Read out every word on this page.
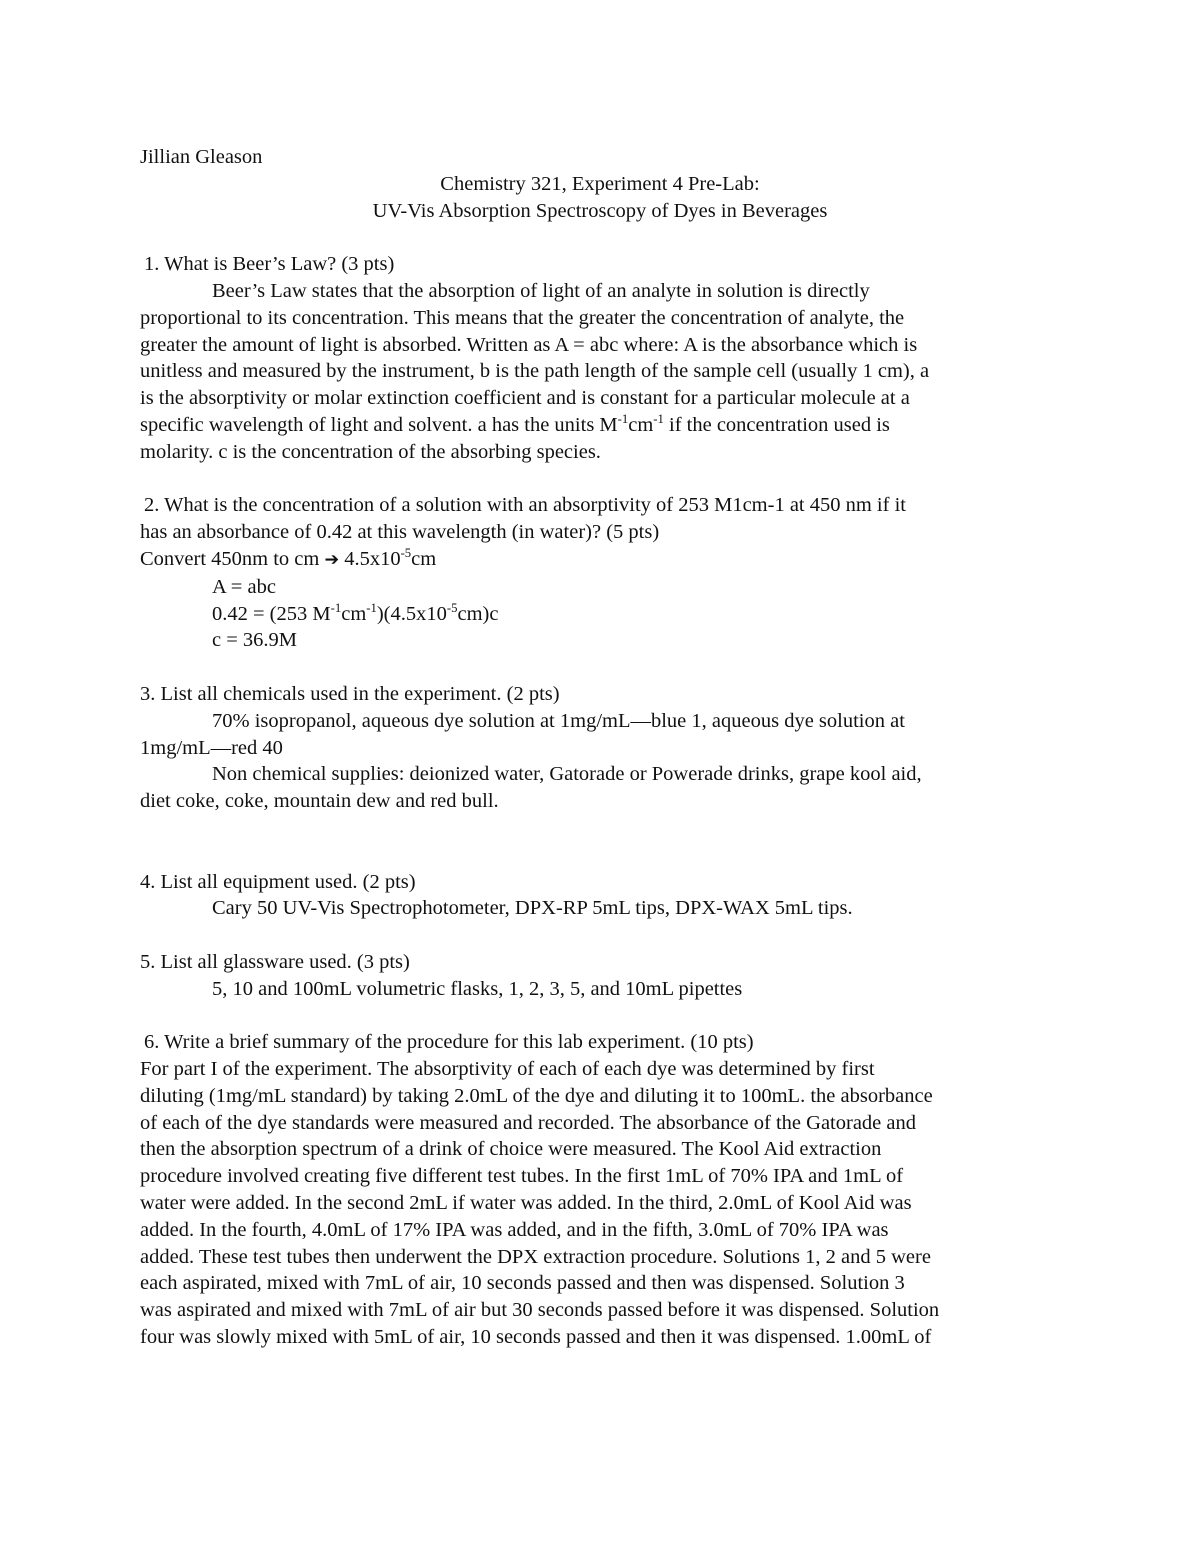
Jillian Gleason
Chemistry 321, Experiment 4 Pre-Lab:
UV-Vis Absorption Spectroscopy of Dyes in Beverages
1. What is Beer’s Law? (3 pts)
Beer’s Law states that the absorption of light of an analyte in solution is directly
proportional to its concentration. This means that the greater the concentration of analyte, the
greater the amount of light is absorbed. Written as A = abc where: A is the absorbance which is
unitless and measured by the instrument, b is the path length of the sample cell (usually 1 cm), a
is the absorptivity or molar extinction coefficient and is constant for a particular molecule at a
specific wavelength of light and solvent. a has the units $M^{-1}cm^{-1}$ if the concentration used is
molarity. c is the concentration of the absorbing species.
2. What is the concentration of a solution with an absorptivity of 253 M1cm-1 at 450 nm if it
has an absorbance of 0.42 at this wavelength (in water)? (5 pts)
Convert 450nm to cm ➔ $4.5x10^{-5}cm$
A = abc
0.42 = (253 $M^{-1}cm^{-1})(4.5x10^{-5}cm)c$
c = 36.9M
3. List all chemicals used in the experiment. (2 pts)
70% isopropanol, aqueous dye solution at 1mg/mL—blue 1, aqueous dye solution at
1mg/mL—red 40
Non chemical supplies: deionized water, Gatorade or Powerade drinks, grape kool aid,
diet coke, coke, mountain dew and red bull.
4. List all equipment used. (2 pts)
Cary 50 UV-Vis Spectrophotometer, DPX-RP 5mL tips, DPX-WAX 5mL tips.
5. List all glassware used. (3 pts)
5, 10 and 100mL volumetric flasks, 1, 2, 3, 5, and 10mL pipettes
6. Write a brief summary of the procedure for this lab experiment. (10 pts)
For part I of the experiment. The absorptivity of each of each dye was determined by first
diluting (1mg/mL standard) by taking 2.0mL of the dye and diluting it to 100mL. the absorbance
of each of the dye standards were measured and recorded. The absorbance of the Gatorade and
then the absorption spectrum of a drink of choice were measured. The Kool Aid extraction
procedure involved creating five different test tubes. In the first 1mL of 70% IPA and 1mL of
water were added. In the second 2mL if water was added. In the third, 2.0mL of Kool Aid was
added. In the fourth, 4.0mL of 17% IPA was added, and in the fifth, 3.0mL of 70% IPA was
added. These test tubes then underwent the DPX extraction procedure. Solutions 1, 2 and 5 were
each aspirated, mixed with 7mL of air, 10 seconds passed and then was dispensed. Solution 3
was aspirated and mixed with 7mL of air but 30 seconds passed before it was dispensed. Solution
four was slowly mixed with 5mL of air, 10 seconds passed and then it was dispensed. 1.00mL of
